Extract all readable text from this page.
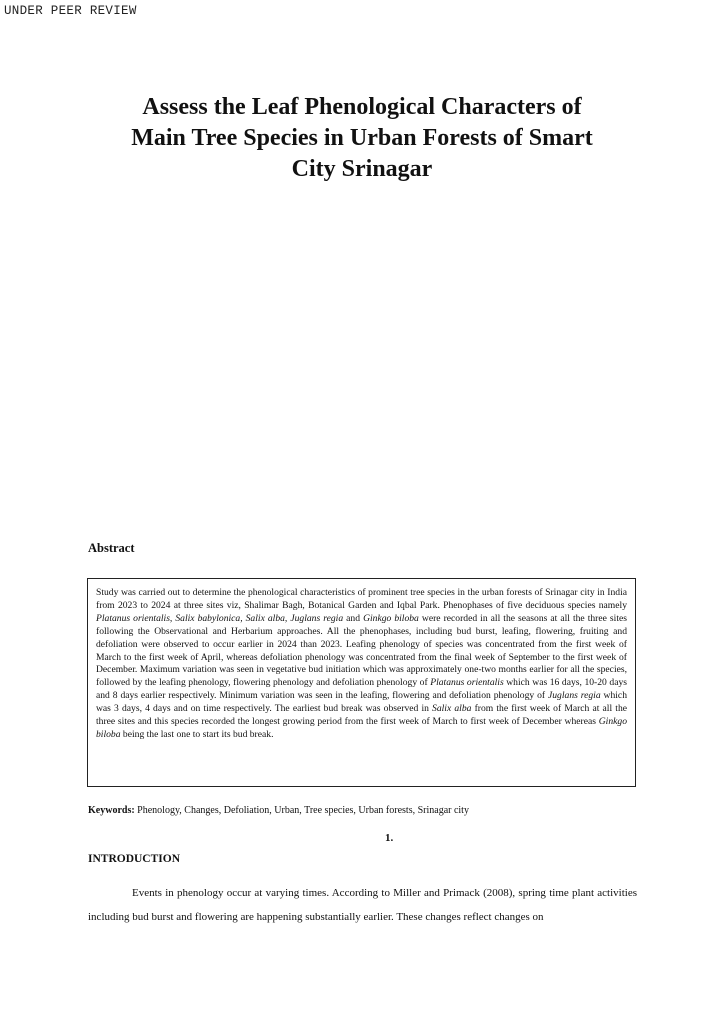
UNDER PEER REVIEW
Assess the Leaf Phenological Characters of
Main Tree Species in Urban Forests of Smart
City Srinagar
Abstract

Study was carried out to determine the phenological characteristics of prominent tree species in the urban forests of Srinagar city in India from 2023 to 2024 at three sites viz, Shalimar Bagh, Botanical Garden and Iqbal Park. Phenophases of five deciduous species namely Platanus orientalis, Salix babylonica, Salix alba, Juglans regia and Ginkgo biloba were recorded in all the seasons at all the three sites following the Observational and Herbarium approaches. All the phenophases, including bud burst, leafing, flowering, fruiting and defoliation were observed to occur earlier in 2024 than 2023. Leafing phenology of species was concentrated from the first week of March to the first week of April, whereas defoliation phenology was concentrated from the final week of September to the first week of December. Maximum variation was seen in vegetative bud initiation which was approximately one-two months earlier for all the species, followed by the leafing phenology, flowering phenology and defoliation phenology of Platanus orientalis which was 16 days, 10-20 days and 8 days earlier respectively. Minimum variation was seen in the leafing, flowering and defoliation phenology of Juglans regia which was 3 days, 4 days and on time respectively. The earliest bud break was observed in Salix alba from the first week of March at all the three sites and this species recorded the longest growing period from the first week of March to first week of December whereas Ginkgo biloba being the last one to start its bud break.

Keywords: Phenology, Changes, Defoliation, Urban, Tree species, Urban forests, Srinagar city
1.
INTRODUCTION

Events in phenology occur at varying times. According to Miller and Primack (2008), spring time plant activities including bud burst and flowering are happening substantially earlier. These changes reflect changes on
